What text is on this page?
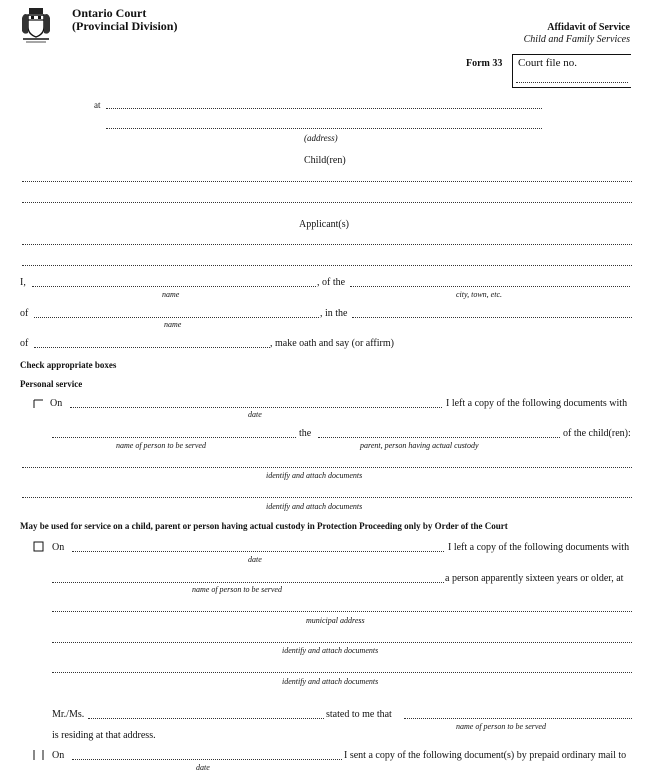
Ontario Court
(Provincial Division)	Affidavit of Service
Child and Family Services
Form 33 Court file no.
at
(address)
Child(ren)
Applicant(s)
I,	, of the
name	city, town, etc.
of	, in the
name
of	, make oath and say (or affirm)
Check appropriate boxes
Personal service
On	I left a copy of the following documents with
date
the	of the child(ren):
name of person to be served	parent, person having actual custody
identify and attach documents
identify and attach documents
May be used for service on a child, parent or person having actual custody in Protection Proceeding only by Order of the Court
On	I left a copy of the following documents with
date
a person apparently sixteen years or older, at
name of person to be served
municipal address
identify and attach documents
identify and attach documents
Mr./Ms.	stated to me that
name of person to be served
is residing at that address.
On	I sent a copy of the following document(s) by prepaid ordinary mail to
date
